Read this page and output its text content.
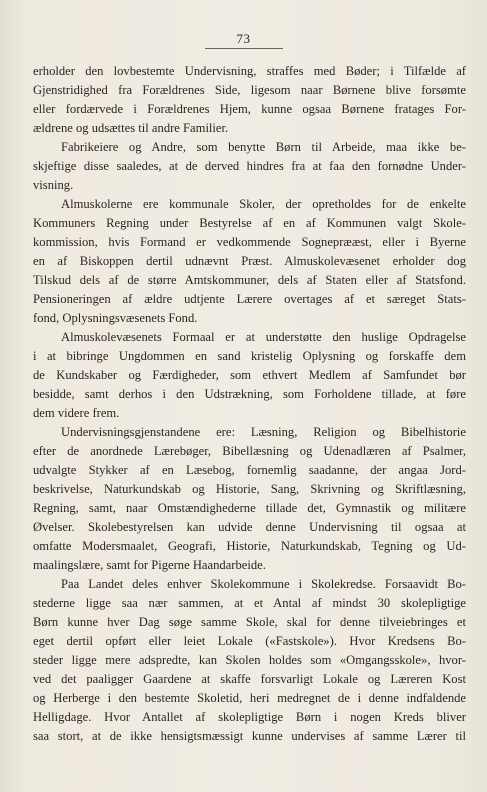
73
erholder den lovbestemte Undervisning, straffes med Bøder; i Tilfælde af
Gjenstridighed fra Forældrenes Side, ligesom naar Børnene blive forsømte
eller fordærvede i Forældrenes Hjem, kunne ogsaa Børnene fratages For-
ældrene og udsættes til andre Familier.
Fabrikeiere og Andre, som benytte Børn til Arbeide, maa ikke be-
skjeftige disse saaledes, at de derved hindres fra at faa den fornødne Under-
visning.
Almuskolerne ere kommunale Skoler, der opretholdes for de enkelte
Kommuners Regning under Bestyrelse af en af Kommunen valgt Skole-
kommission, hvis Formand er vedkommende Sogneprææst, eller i Byerne
en af Biskoppen dertil udnævnt Præst. Almuskolevæsenet erholder dog
Tilskud dels af de større Amtskommuner, dels af Staten eller af Statsfond.
Pensioneringen af ældre udtjente Lærere overtages af et særeget Stats-
fond, Oplysningsvæsenets Fond.
Almuskolevæsenets Formaal er at understøtte den huslige Opdragelse
i at bibringe Ungdommen en sand kristelig Oplysning og forskaffe dem
de Kundskaber og Færdigheder, som ethvert Medlem af Samfundet bør
besidde, samt derhos i den Udstrækning, som Forholdene tillade, at føre
dem videre frem.
Undervisningsgjenstandene ere: Læsning, Religion og Bibelhistorie
efter de anordnede Lærebøger, Bibellæsning og Udenadlæren af Psalmer,
udvalgte Stykker af en Læsebog, fornemlig saadanne, der angaa Jord-
beskrivelse, Naturkundskab og Historie, Sang, Skrivning og Skriftlæsning,
Regning, samt, naar Omstændighederne tillade det, Gymnastik og militære
Øvelser. Skolebestyrelsen kan udvide denne Undervisning til ogsaa at
omfatte Modersmaalet, Geografi, Historie, Naturkundskab, Tegning og Ud-
maalingslære, samt for Pigerne Haandarbeide.
Paa Landet deles enhver Skolekommune i Skolekredse. Forsaavidt Bo-
stederne ligge saa nær sammen, at et Antal af mindst 30 skolepligtige
Børn kunne hver Dag søge samme Skole, skal for denne tilveiebringes et
eget dertil opført eller leiet Lokale («Fastskole»). Hvor Kredsens Bo-
steder ligge mere adspredte, kan Skolen holdes som «Omgangsskole», hvor-
ved det paaligger Gaardene at skaffe forsvarligt Lokale og Læreren Kost
og Herberge i den bestemte Skoletid, heri medregnet de i denne indfaldende
Helligdage. Hvor Antallet af skolepligtige Børn i nogen Kreds bliver
saa stort, at de ikke hensigtsmæssigt kunne undervises af samme Lærer til
